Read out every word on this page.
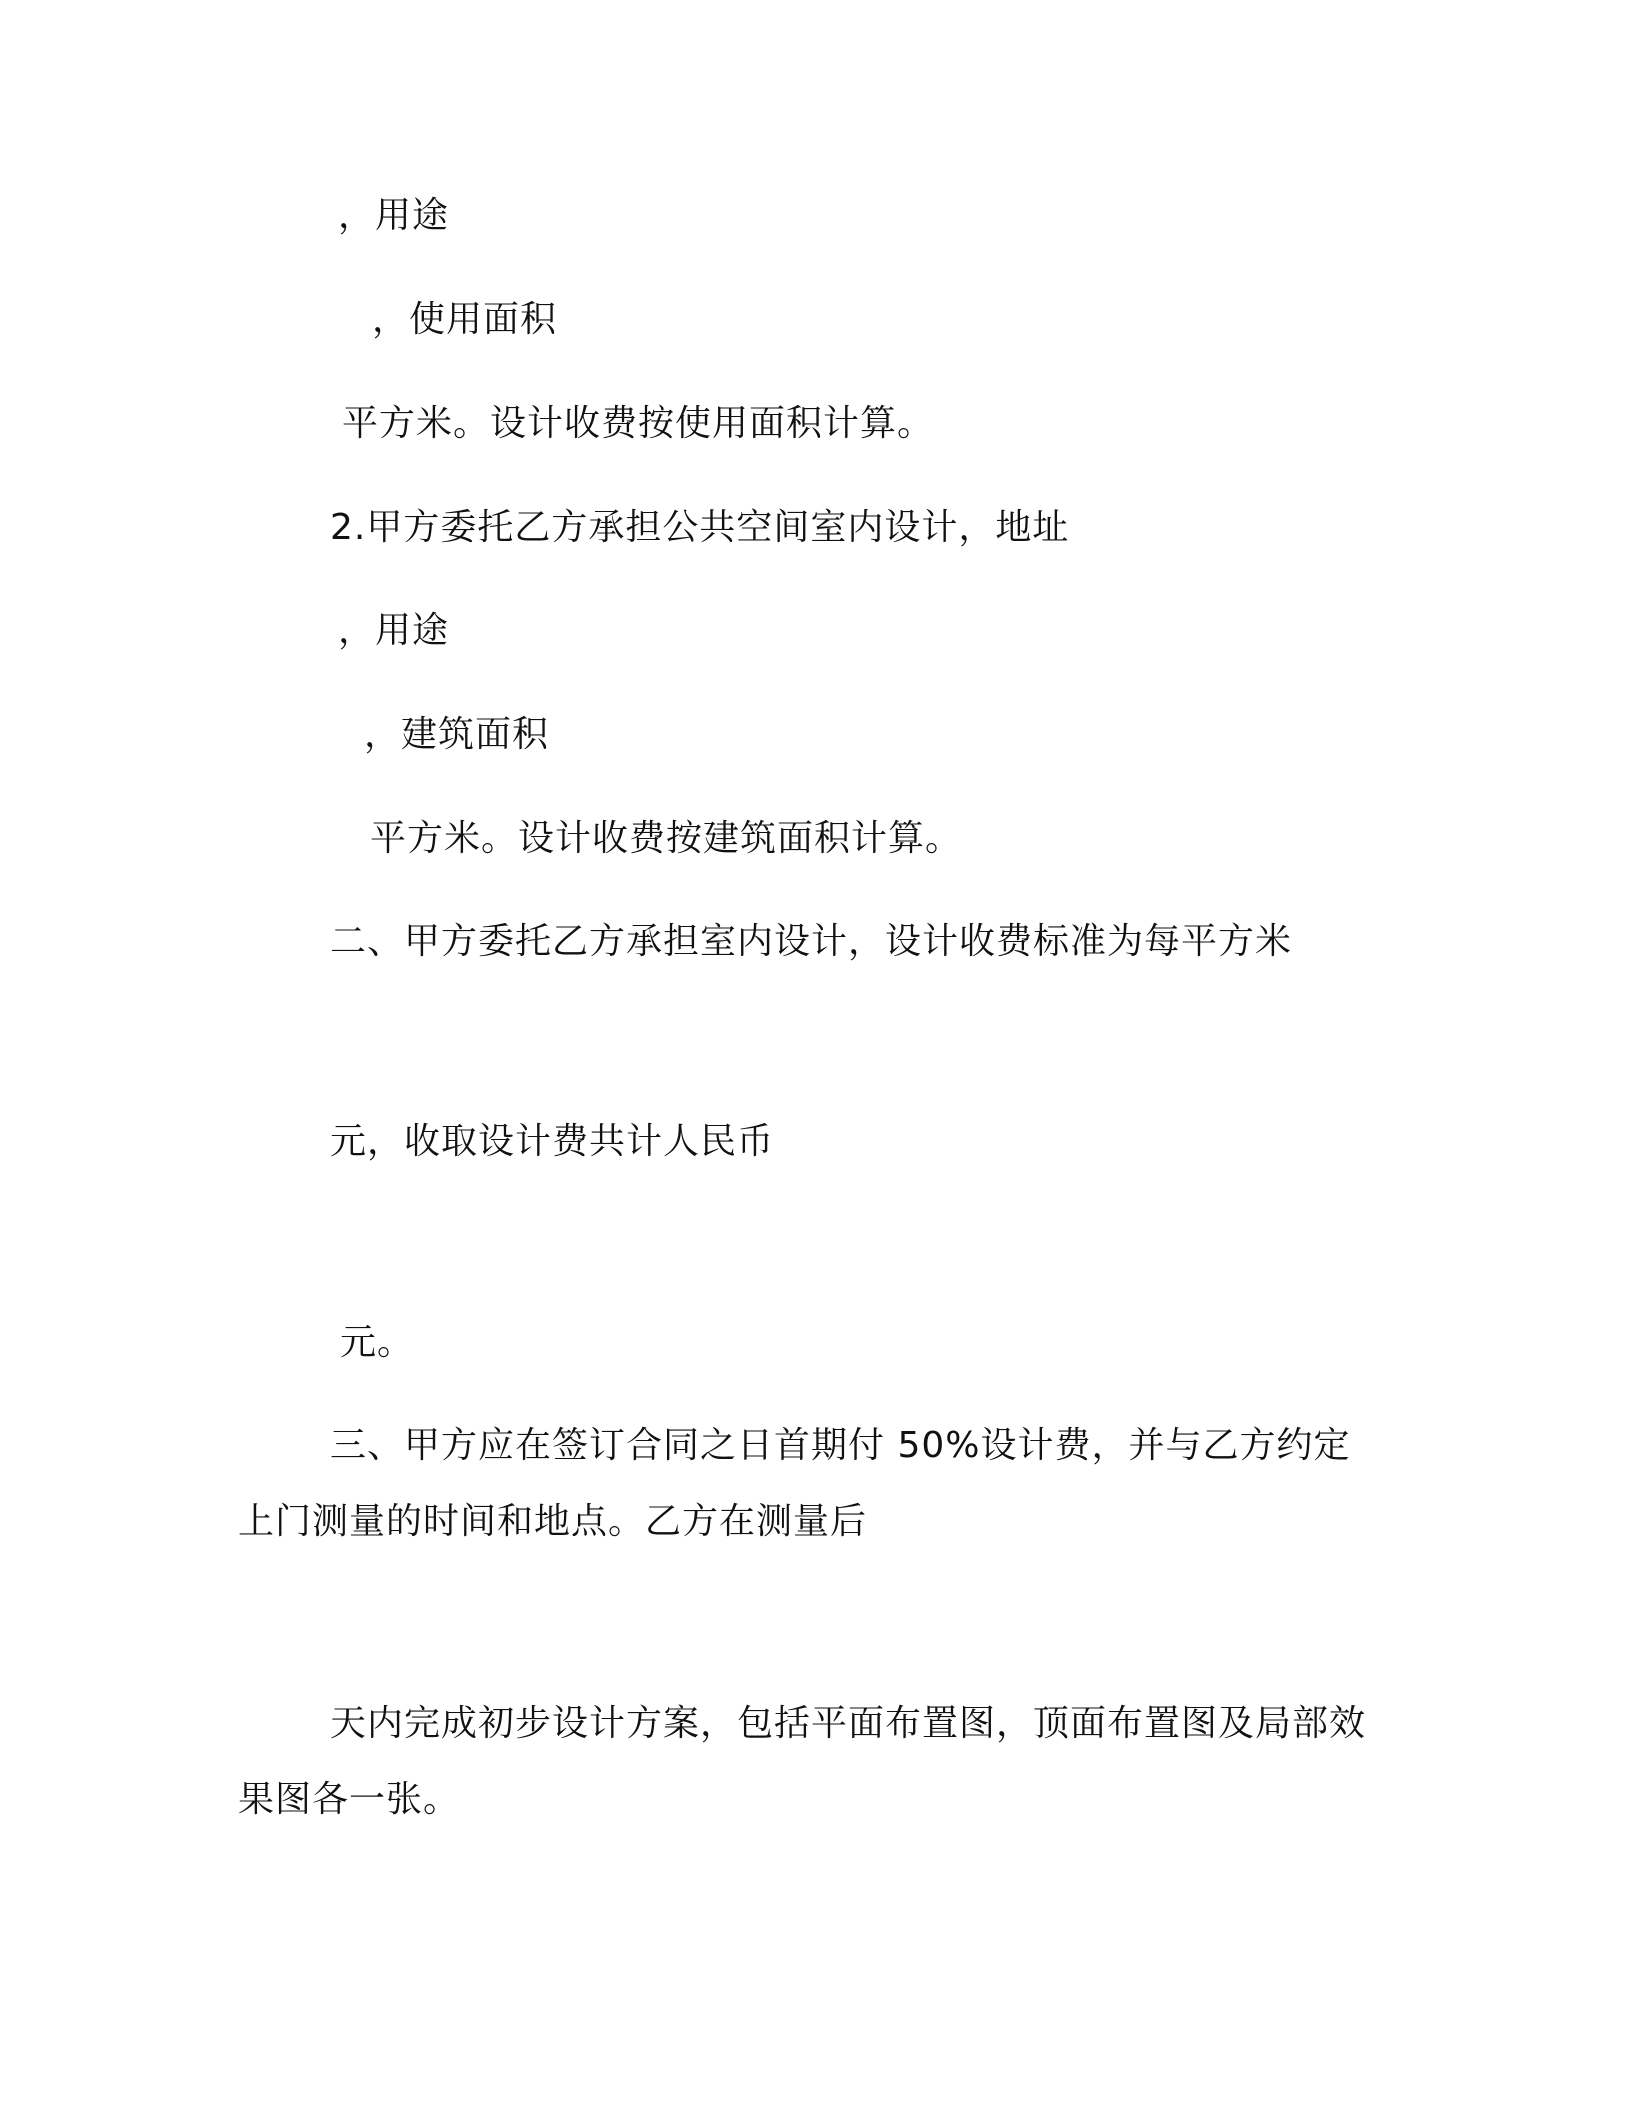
，用途
，使用面积
平方米。设计收费按使用面积计算。
2.甲方委托乙方承担公共空间室内设计，地址
，用途
，建筑面积
平方米。设计收费按建筑面积计算。
二、甲方委托乙方承担室内设计，设计收费标准为每平方米
元，收取设计费共计人民币
元。
三、甲方应在签订合同之日首期付 50%设计费，并与乙方约定
上门测量的时间和地点。乙方在测量后
天内完成初步设计方案，包括平面布置图，顶面布置图及局部效
果图各一张。
